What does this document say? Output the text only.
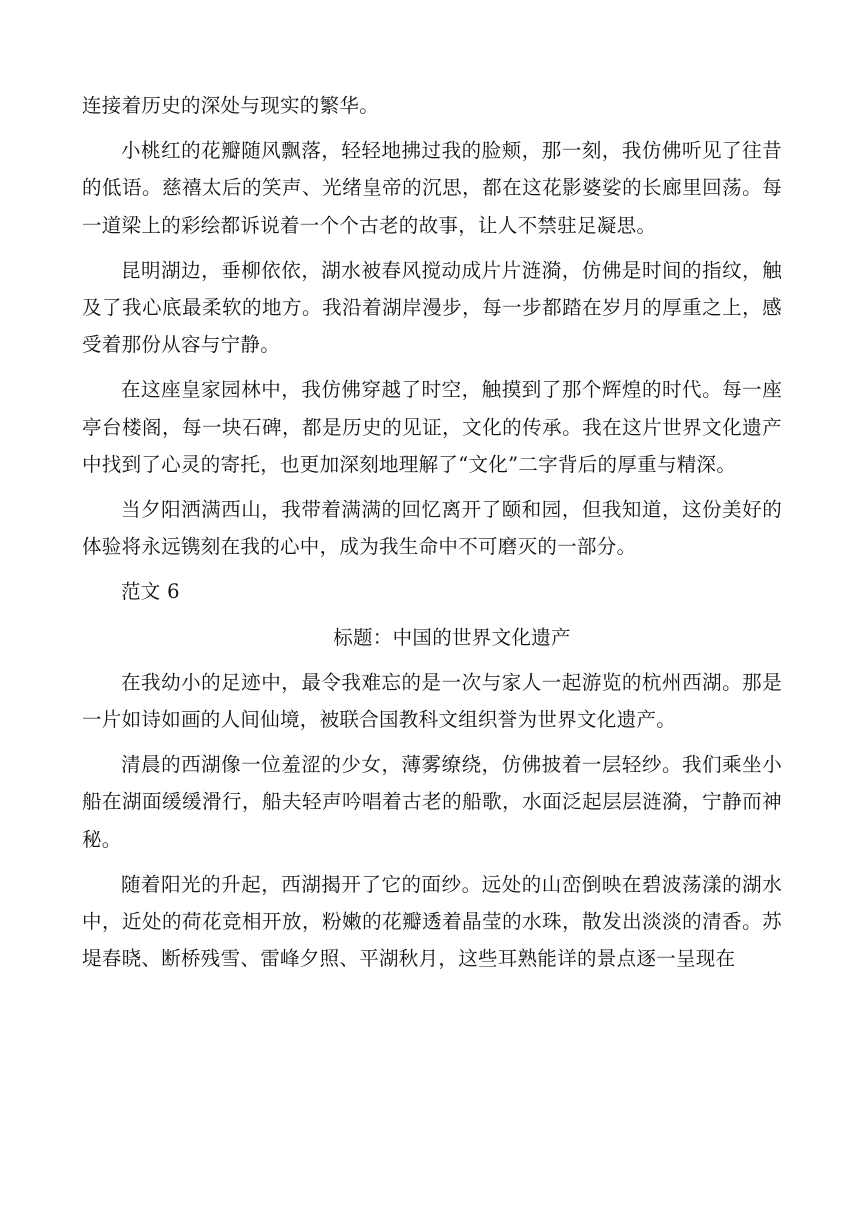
连接着历史的深处与现实的繁华。

小桃红的花瓣随风飘落，轻轻地拂过我的脸颊，那一刻，我仿佛听见了往昔的低语。慈禧太后的笑声、光绪皇帝的沉思，都在这花影婆娑的长廊里回荡。每一道梁上的彩绘都诉说着一个个古老的故事，让人不禁驻足凝思。

昆明湖边，垂柳依依，湖水被春风搅动成片片涟漪，仿佛是时间的指纹，触及了我心底最柔软的地方。我沿着湖岸漫步，每一步都踏在岁月的厚重之上，感受着那份从容与宁静。

在这座皇家园林中，我仿佛穿越了时空，触摸到了那个辉煌的时代。每一座亭台楼阁，每一块石碑，都是历史的见证，文化的传承。我在这片世界文化遗产中找到了心灵的寄托，也更加深刻地理解了“文化”二字背后的厚重与精深。

当夕阳洒满西山，我带着满满的回忆离开了颐和园，但我知道，这份美好的体验将永远镌刻在我的心中，成为我生命中不可磨灭的一部分。

范文 6

标题：中国的世界文化遗产

在我幼小的足迹中，最令我难忘的是一次与家人一起游览的杭州西湖。那是一片如诗如画的人间仙境，被联合国教科文组织誉为世界文化遗产。

清晨的西湖像一位羞涩的少女，薄雾缭绕，仿佛披着一层轻纱。我们乘坐小船在湖面缓缓滑行，船夫轻声吟唱着古老的船歌，水面泛起层层涟漪，宁静而神秘。

随着阳光的升起，西湖揭开了它的面纱。远处的山峦倒映在碧波荡漾的湖水中，近处的荷花竞相开放，粉嫩的花瓣透着晶莹的水珠，散发出淡淡的清香。苏堤春晓、断桥残雪、雷峰夕照、平湖秋月，这些耳熟能详的景点逐一呈现在
